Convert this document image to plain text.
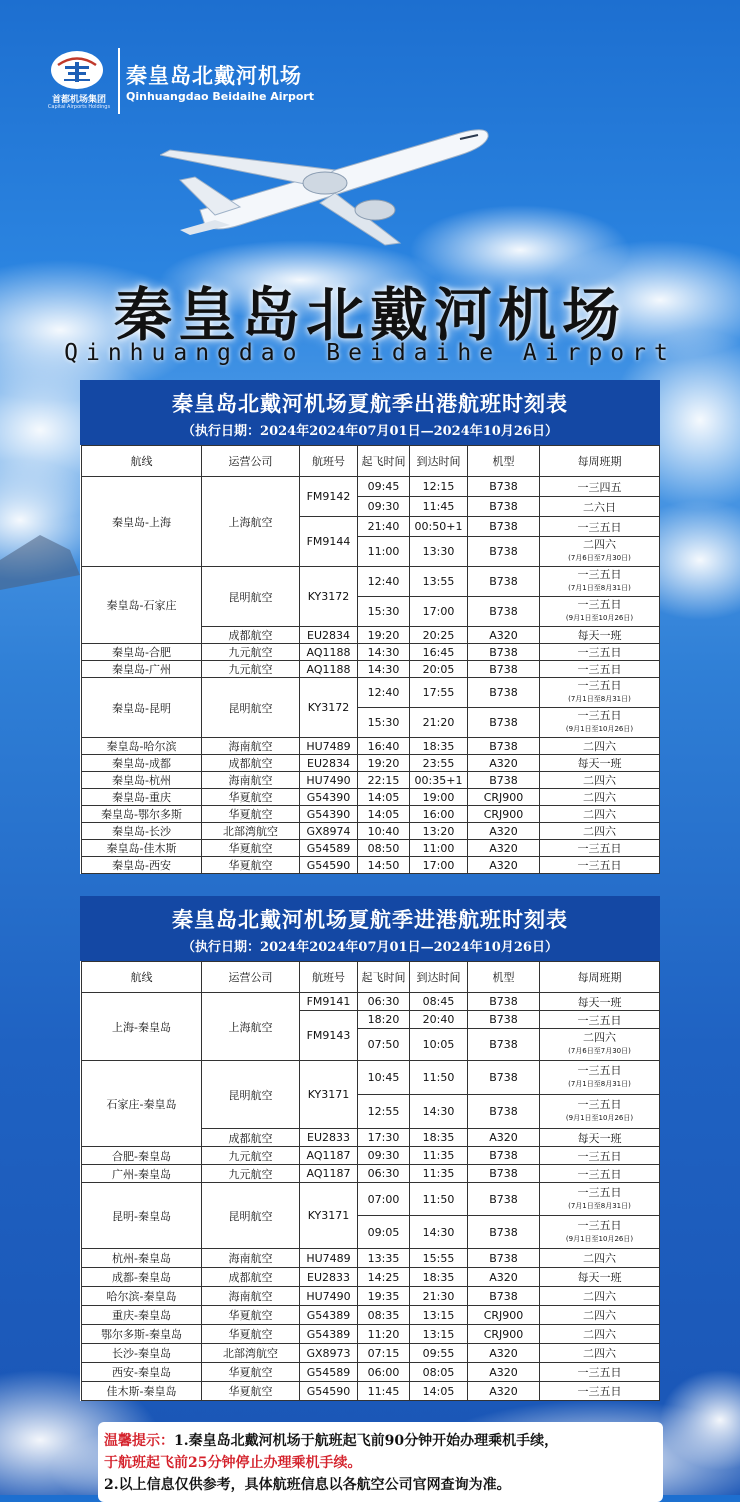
首都机场集团
Capital Airports Holdings
秦皇岛北戴河机场
Qinhuangdao Beidaihe Airport
秦皇岛北戴河机场
Qinhuangdao Beidaihe Airport
秦皇岛北戴河机场夏航季出港航班时刻表
（执行日期：2024年2024年07月01日—2024年10月26日）
航线	运营公司	航班号	起飞时间	到达时间	机型	每周班期
秦皇岛-上海	上海航空	FM9142	09:45	12:15	B738	一三四五
			09:30	11:45	B738	二六日
		FM9144	21:40	00:50+1	B738	一三五日
			11:00	13:30	B738	二四六
(7月6日至7月30日)
秦皇岛-石家庄	昆明航空	KY3172	12:40	13:55	B738	一三五日
(7月1日至8月31日)
			15:30	17:00	B738	一三五日
(9月1日至10月26日)
	成都航空	EU2834	19:20	20:25	A320	每天一班
秦皇岛-合肥	九元航空	AQ1188	14:30	16:45	B738	一三五日
秦皇岛-广州	九元航空	AQ1188	14:30	20:05	B738	一三五日
秦皇岛-昆明	昆明航空	KY3172	12:40	17:55	B738	一三五日
(7月1日至8月31日)
			15:30	21:20	B738	一三五日
(9月1日至10月26日)
秦皇岛-哈尔滨	海南航空	HU7489	16:40	18:35	B738	二四六
秦皇岛-成都	成都航空	EU2834	19:20	23:55	A320	每天一班
秦皇岛-杭州	海南航空	HU7490	22:15	00:35+1	B738	二四六
秦皇岛-重庆	华夏航空	G54390	14:05	19:00	CRJ900	二四六
秦皇岛-鄂尔多斯	华夏航空	G54390	14:05	16:00	CRJ900	二四六
秦皇岛-长沙	北部湾航空	GX8974	10:40	13:20	A320	二四六
秦皇岛-佳木斯	华夏航空	G54589	08:50	11:00	A320	一三五日
秦皇岛-西安	华夏航空	G54590	14:50	17:00	A320	一三五日
秦皇岛北戴河机场夏航季进港航班时刻表
（执行日期：2024年2024年07月01日—2024年10月26日）
航线	运营公司	航班号	起飞时间	到达时间	机型	每周班期
上海-秦皇岛	上海航空	FM9141	06:30	08:45	B738	每天一班
		FM9143	18:20	20:40	B738	一三五日
			07:50	10:05	B738	二四六
(7月6日至7月30日)
石家庄-秦皇岛	昆明航空	KY3171	10:45	11:50	B738	一三五日
(7月1日至8月31日)
			12:55	14:30	B738	一三五日
(9月1日至10月26日)
	成都航空	EU2833	17:30	18:35	A320	每天一班
合肥-秦皇岛	九元航空	AQ1187	09:30	11:35	B738	一三五日
广州-秦皇岛	九元航空	AQ1187	06:30	11:35	B738	一三五日
昆明-秦皇岛	昆明航空	KY3171	07:00	11:50	B738	一三五日
(7月1日至8月31日)
			09:05	14:30	B738	一三五日
(9月1日至10月26日)
杭州-秦皇岛	海南航空	HU7489	13:35	15:55	B738	二四六
成都-秦皇岛	成都航空	EU2833	14:25	18:35	A320	每天一班
哈尔滨-秦皇岛	海南航空	HU7490	19:35	21:30	B738	二四六
重庆-秦皇岛	华夏航空	G54389	08:35	13:15	CRJ900	二四六
鄂尔多斯-秦皇岛	华夏航空	G54389	11:20	13:15	CRJ900	二四六
长沙-秦皇岛	北部湾航空	GX8973	07:15	09:55	A320	二四六
西安-秦皇岛	华夏航空	G54589	06:00	08:05	A320	一三五日
佳木斯-秦皇岛	华夏航空	G54590	11:45	14:05	A320	一三五日
温馨提示：1.秦皇岛北戴河机场于航班起飞前90分钟开始办理乘机手续，
于航班起飞前25分钟停止办理乘机手续。
2.以上信息仅供参考，具体航班信息以各航空公司官网查询为准。
